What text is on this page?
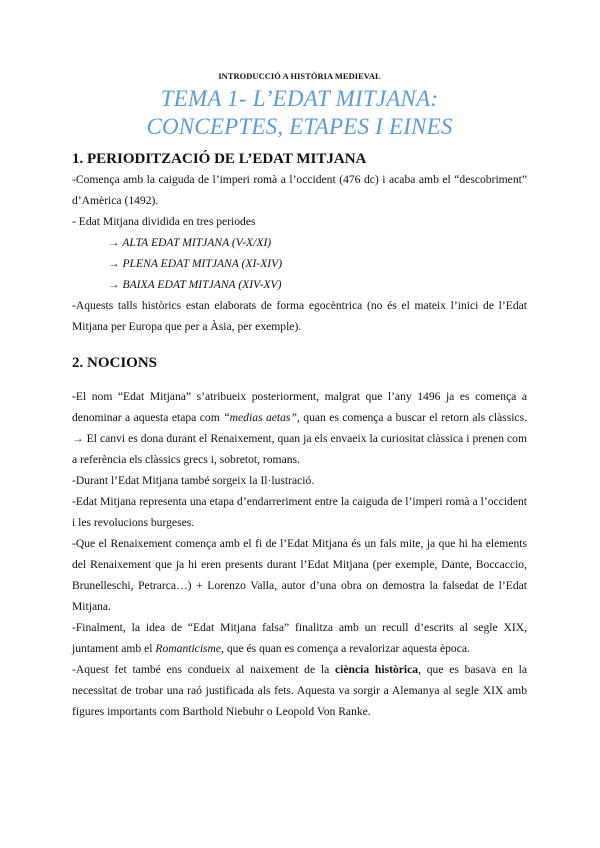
INTRODUCCIÓ A HISTÒRIA MEDIEVAL
TEMA 1- L’EDAT MITJANA:
CONCEPTES, ETAPES I EINES
1. PERIODITZACIÓ DE L’EDAT MITJANA

-Comença amb la caiguda de l’imperi romà a l’occident (476 dc) i acaba amb el “descobriment” d’Amèrica (1492).

- Edat Mitjana dividida en tres periodes

→ ALTA EDAT MITJANA (V-X/XI)

→ PLENA EDAT MITJANA (XI-XIV)

→ BAIXA EDAT MITJANA (XIV-XV)

-Aquests talls històrics estan elaborats de forma egocèntrica (no és el mateix l’inici de l’Edat Mitjana per Europa que per a Àsia, per exemple).

2. NOCIONS

-El nom “Edat Mitjana” s’atribueix posteriorment, malgrat que l’any 1496 ja es comença a denominar a aquesta etapa com “medias aetas”, quan es comença a buscar el retorn als clàssics. → El canvi es dona durant el Renaixement, quan ja els envaeix la curiositat clàssica i prenen com a referència els clàssics grecs i, sobretot, romans.

-Durant l’Edat Mitjana també sorgeix la Il·lustració.

-Edat Mitjana representa una etapa d’endarreriment entre la caiguda de l’imperi romà a l’occident i les revolucions burgeses.

-Que el Renaixement comença amb el fi de l’Edat Mitjana és un fals mite, ja que hi ha elements del Renaixement que ja hi eren presents durant l’Edat Mitjana (per exemple, Dante, Boccaccio, Brunelleschi, Petrarca…) + Lorenzo Valla, autor d’una obra on demostra la falsedat de l’Edat Mitjana.

-Finalment, la idea de “Edat Mitjana falsa” finalitza amb un recull d’escrits al segle XIX, juntament amb el Romanticisme, que és quan es comença a revalorizar aquesta època.

-Aquest fet també ens condueix al naixement de la ciència històrica, que es basava en la necessitat de trobar una raó justificada als fets. Aquesta va sorgir a Alemanya al segle XIX amb figures importants com Barthold Niebuhr o Leopold Von Ranke.
